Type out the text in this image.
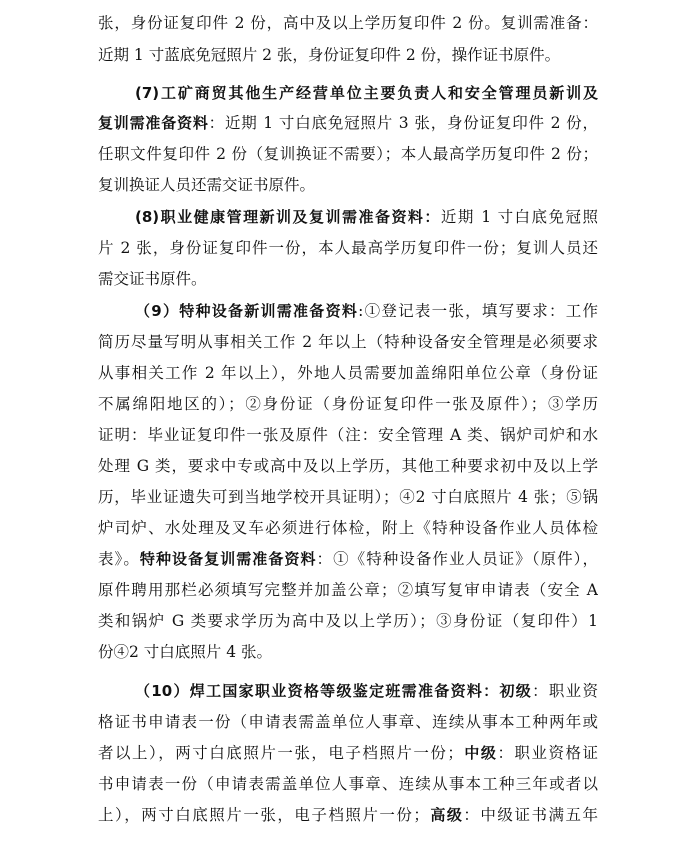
张，身份证复印件 2 份，高中及以上学历复印件 2 份。复训需准备：
近期 1 寸蓝底免冠照片 2 张，身份证复印件 2 份，操作证书原件。
(7)工矿商贸其他生产经营单位主要负责人和安全管理员新训及
复训需准备资料：近期 1 寸白底免冠照片 3 张，身份证复印件 2 份，
任职文件复印件 2 份（复训换证不需要）；本人最高学历复印件 2 份；
复训换证人员还需交证书原件。
(8)职业健康管理新训及复训需准备资料：近期 1 寸白底免冠照
片 2 张，身份证复印件一份，本人最高学历复印件一份；复训人员还
需交证书原件。
（9）特种设备新训需准备资料:①登记表一张，填写要求：工作
简历尽量写明从事相关工作 2 年以上（特种设备安全管理是必须要求
从事相关工作 2 年以上），外地人员需要加盖绵阳单位公章（身份证
不属绵阳地区的）；②身份证（身份证复印件一张及原件）；③学历
证明：毕业证复印件一张及原件（注：安全管理 A 类、锅炉司炉和水
处理 G 类，要求中专或高中及以上学历，其他工种要求初中及以上学
历，毕业证遗失可到当地学校开具证明）；④2 寸白底照片 4 张；⑤锅
炉司炉、水处理及叉车必须进行体检，附上《特种设备作业人员体检
表》。特种设备复训需准备资料：①《特种设备作业人员证》（原件），
原件聘用那栏必须填写完整并加盖公章；②填写复审申请表（安全 A
类和锅炉 G 类要求学历为高中及以上学历）；③身份证（复印件）1
份④2 寸白底照片 4 张。
（10）焊工国家职业资格等级鉴定班需准备资料：初级：职业资
格证书申请表一份（申请表需盖单位人事章、连续从事本工种两年或
者以上），两寸白底照片一张，电子档照片一份；中级：职业资格证
书申请表一份（申请表需盖单位人事章、连续从事本工种三年或者以
上），两寸白底照片一张，电子档照片一份；高级：中级证书满五年
